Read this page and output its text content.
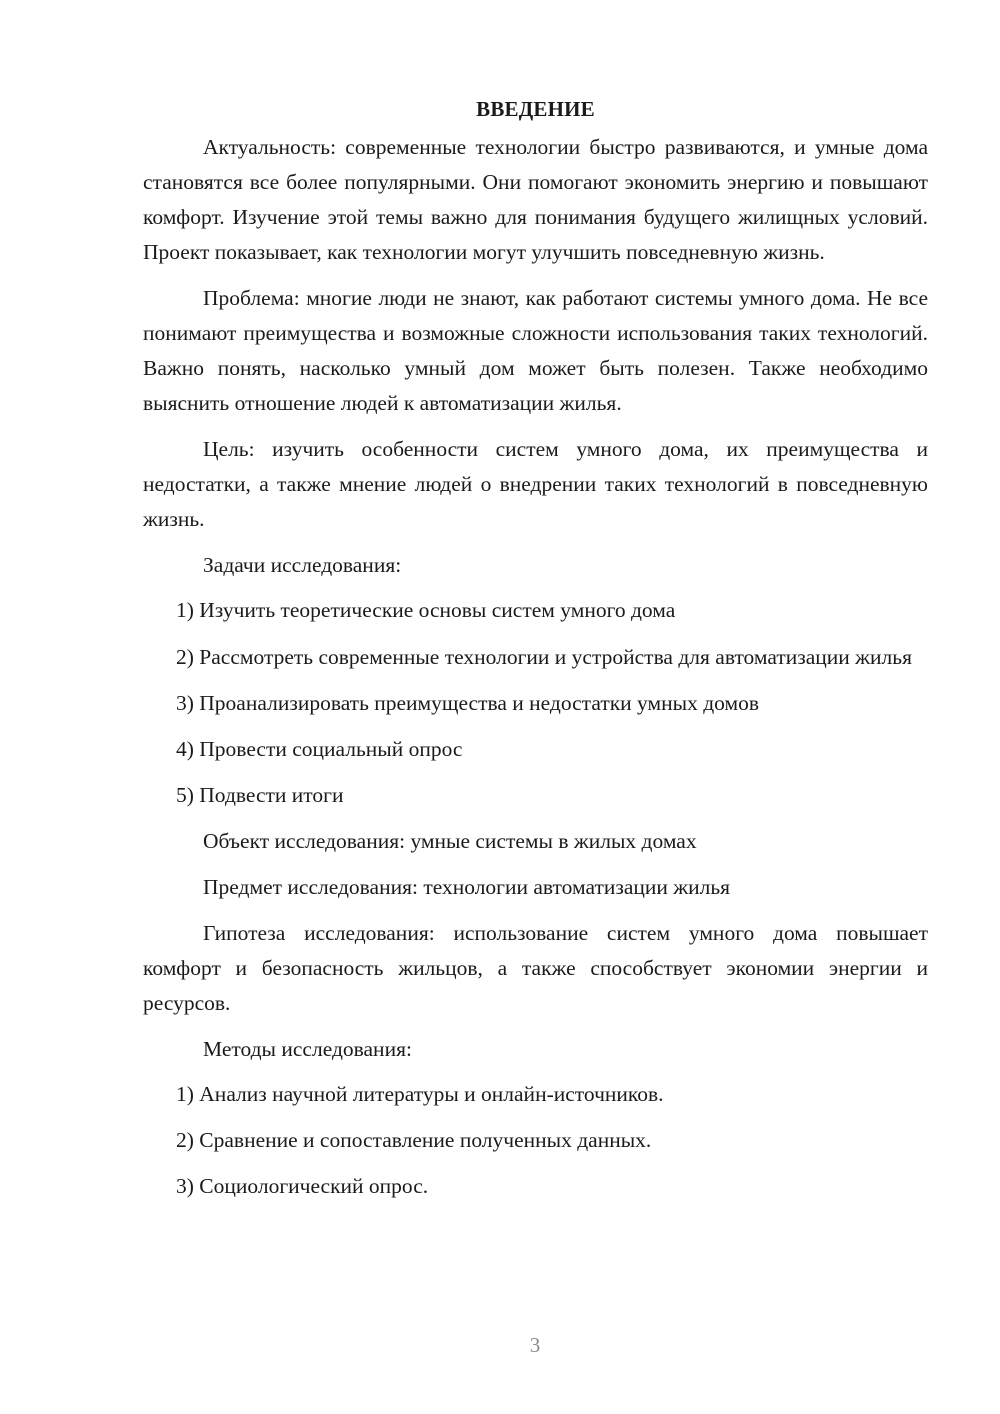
ВВЕДЕНИЕ

Актуальность: современные технологии быстро развиваются, и умные дома становятся все более популярными. Они помогают экономить энергию и повышают комфорт. Изучение этой темы важно для понимания будущего жилищных условий. Проект показывает, как технологии могут улучшить повседневную жизнь.

Проблема: многие люди не знают, как работают системы умного дома. Не все понимают преимущества и возможные сложности использования таких технологий. Важно понять, насколько умный дом может быть полезен. Также необходимо выяснить отношение людей к автоматизации жилья.

Цель: изучить особенности систем умного дома, их преимущества и недостатки, а также мнение людей о внедрении таких технологий в повседневную жизнь.

Задачи исследования:

1) Изучить теоретические основы систем умного дома

2) Рассмотреть современные технологии и устройства для автоматизации жилья

3) Проанализировать преимущества и недостатки умных домов

4) Провести социальный опрос

5) Подвести итоги

Объект исследования: умные системы в жилых домах

Предмет исследования: технологии автоматизации жилья

Гипотеза исследования: использование систем умного дома повышает комфорт и безопасность жильцов, а также способствует экономии энергии и ресурсов.

Методы исследования:

1) Анализ научной литературы и онлайн-источников.

2) Сравнение и сопоставление полученных данных.

3) Социологический опрос.

3
